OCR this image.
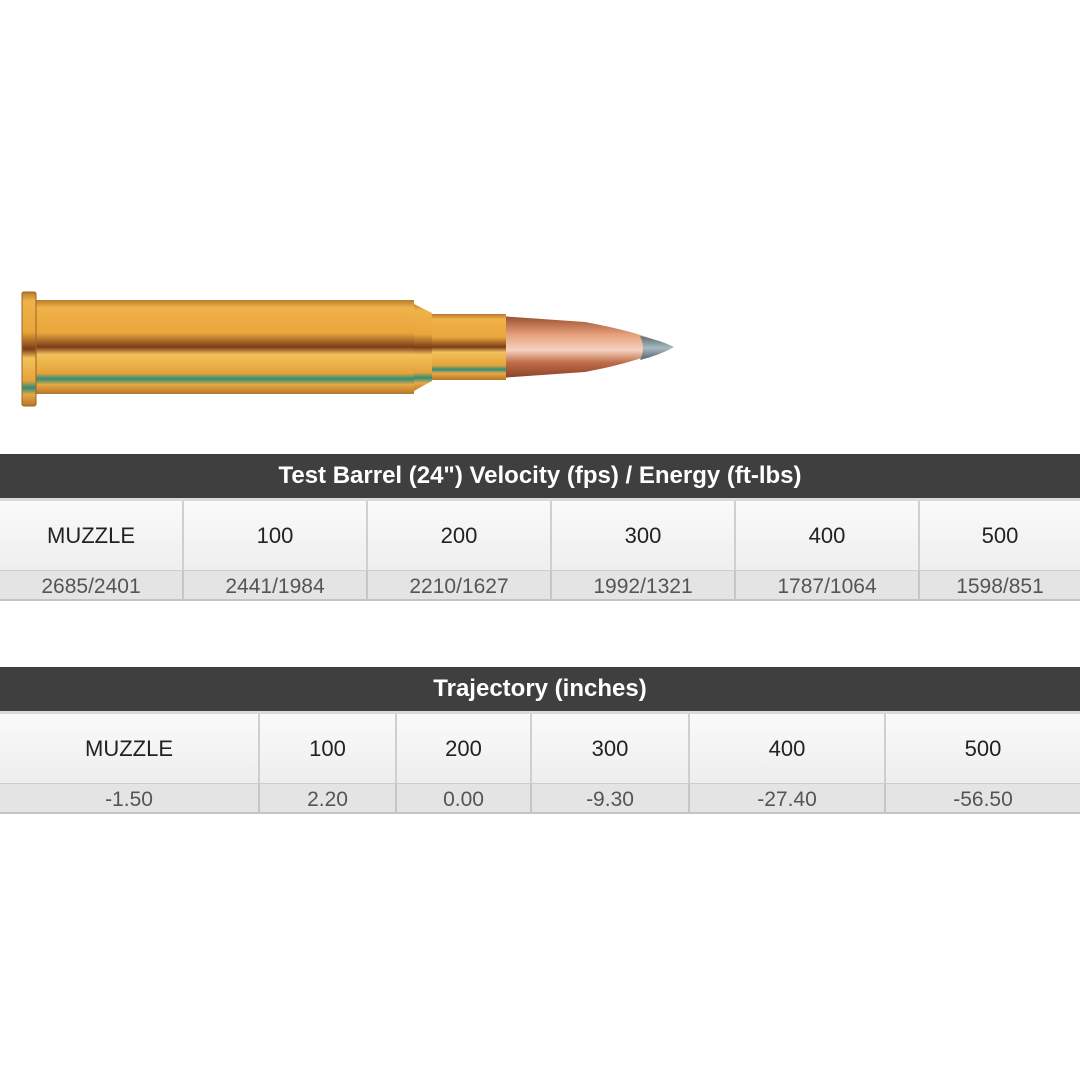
Test Barrel (24") Velocity (fps) / Energy (ft-lbs)
MUZZLE	100	200	300	400	500
2685/2401	2441/1984	2210/1627	1992/1321	1787/1064	1598/851
Trajectory (inches)
MUZZLE	100	200	300	400	500
-1.50	2.20	0.00	-9.30	-27.40	-56.50
